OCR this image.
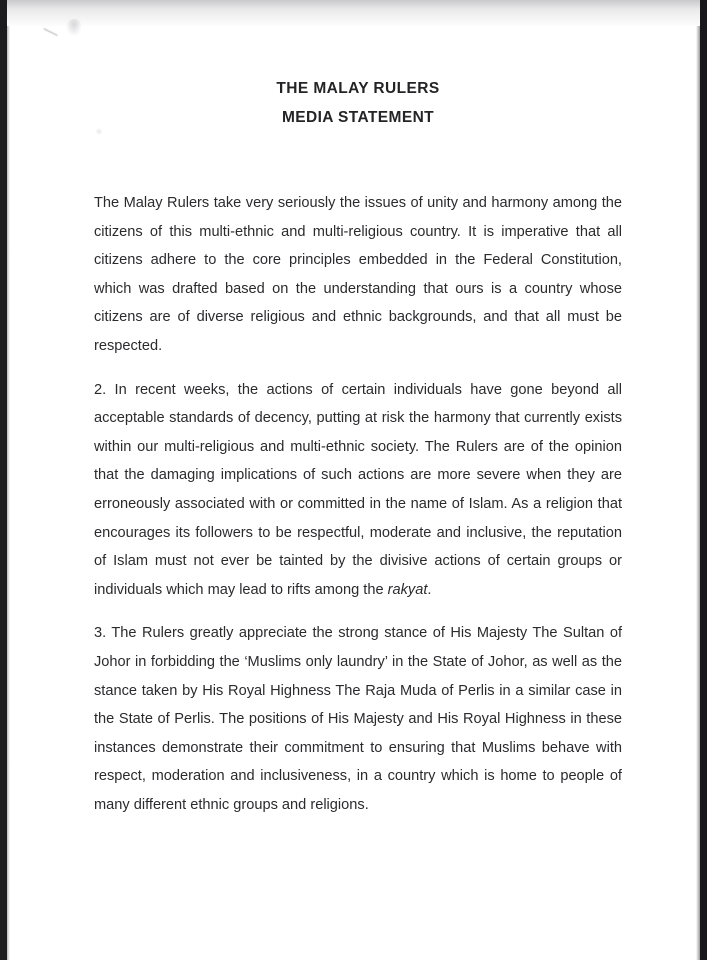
THE MALAY RULERS
MEDIA STATEMENT

The Malay Rulers take very seriously the issues of unity and harmony among the citizens of this multi-ethnic and multi-religious country. It is imperative that all citizens adhere to the core principles embedded in the Federal Constitution, which was drafted based on the understanding that ours is a country whose citizens are of diverse religious and ethnic backgrounds, and that all must be respected.

2. In recent weeks, the actions of certain individuals have gone beyond all acceptable standards of decency, putting at risk the harmony that currently exists within our multi-religious and multi-ethnic society. The Rulers are of the opinion that the damaging implications of such actions are more severe when they are erroneously associated with or committed in the name of Islam. As a religion that encourages its followers to be respectful, moderate and inclusive, the reputation of Islam must not ever be tainted by the divisive actions of certain groups or individuals which may lead to rifts among the rakyat.

3. The Rulers greatly appreciate the strong stance of His Majesty The Sultan of Johor in forbidding the ‘Muslims only laundry’ in the State of Johor, as well as the stance taken by His Royal Highness The Raja Muda of Perlis in a similar case in the State of Perlis. The positions of His Majesty and His Royal Highness in these instances demonstrate their commitment to ensuring that Muslims behave with respect, moderation and inclusiveness, in a country which is home to people of many different ethnic groups and religions.
